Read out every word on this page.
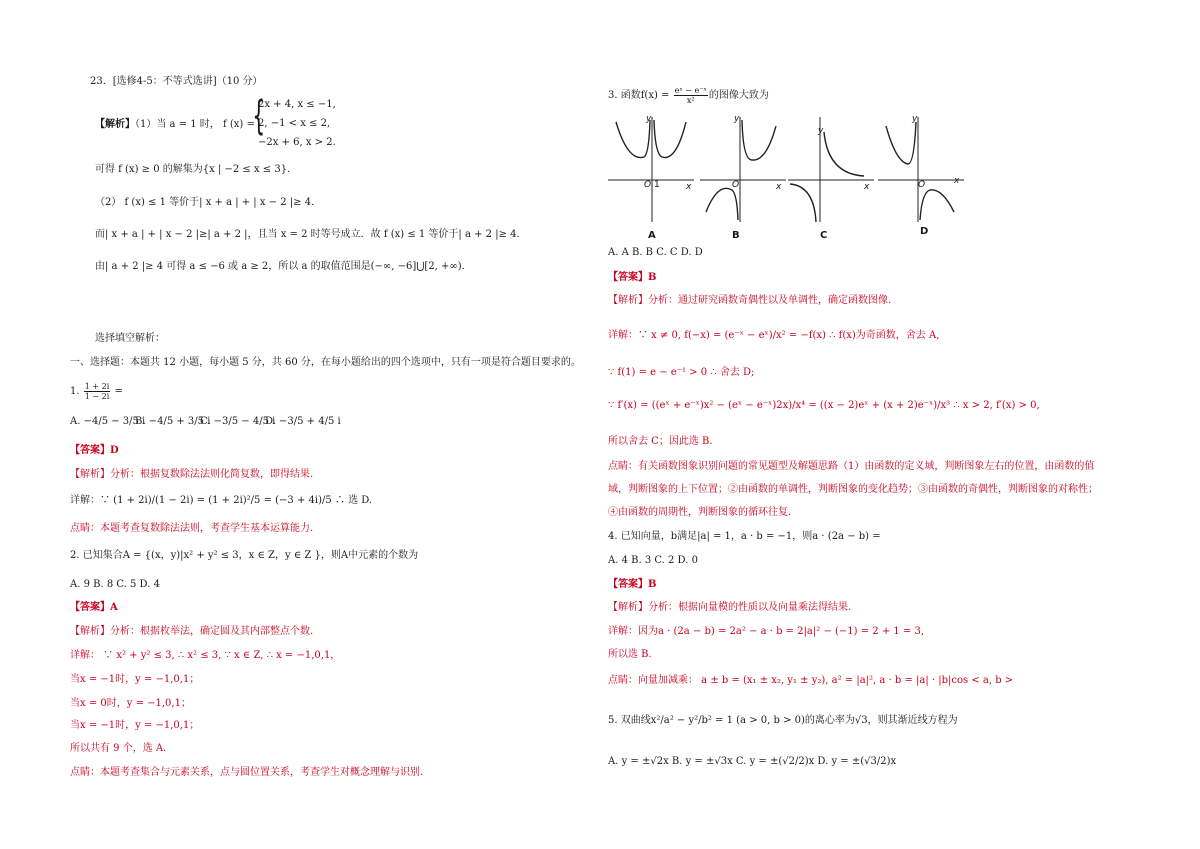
23．[选修4-5：不等式选讲]（10 分）
【解析】（1）当 a = 1 时， f (x) =
{
2x + 4, x ≤ −1,
2, −1 < x ≤ 2,
−2x + 6, x > 2.
可得 f (x) ≥ 0 的解集为{x | −2 ≤ x ≤ 3}．
（2） f (x) ≤ 1 等价于| x + a | + | x − 2 |≥ 4．
而| x + a | + | x − 2 |≥| a + 2 |，且当 x = 2 时等号成立．故 f (x) ≤ 1 等价于| a + 2 |≥ 4．
由| a + 2 |≥ 4 可得 a ≤ −6 或 a ≥ 2，所以 a 的取值范围是(−∞, −6]⋃[2, +∞)．
选择填空解析：
一、选择题：本题共 12 小题，每小题 5 分，共 60 分，在每小题给出的四个选项中，只有一项是符合题目要求的。
1. $\frac{1 + 2i}{1 - 2i}$ =
A. −4/5 − 3/5 i
B. −4/5 + 3/5 i
C. −3/5 − 4/5 i
D. −3/5 + 4/5 i
【答案】D
【解析】分析：根据复数除法法则化简复数，即得结果.
详解：∵ (1 + 2i)/(1 − 2i) = (1 + 2i)²/5 = (−3 + 4i)/5 ∴ 选 D.
点睛：本题考查复数除法法则，考查学生基本运算能力.
2. 已知集合A = {(x，y)|x² + y² ≤ 3，x ∈ Z，y ∈ Z }，则A中元素的个数为
A. 9 B. 8 C. 5 D. 4
【答案】A
【解析】分析：根据枚举法，确定圆及其内部整点个数.
详解： ∵ x² + y² ≤ 3, ∴ x² ≤ 3, ∵ x ∈ Z, ∴ x = −1,0,1，
当x = −1时，y = −1,0,1；
当x = 0时，y = −1,0,1；
当x = −1时，y = −1,0,1；
所以共有 9 个，选 A.
点睛：本题考查集合与元素关系，点与圆位置关系，考查学生对概念理解与识别.
3. 函数$f(x) = \frac{\text{eˣ − e⁻ˣ}}{\text{x²}}$ 的图像大致为
y
x
O 1
y
x
O
y
x
y
x
O
A	B	C	D
A. A B. B C. C D. D
【答案】B
【解析】分析：通过研究函数奇偶性以及单调性，确定函数图像.
详解：∵ x ≠ 0, f(−x) = (e⁻ˣ − eˣ)/x² = −f(x) ∴ f(x)为奇函数，舍去 A,
∵ f(1) = e − e⁻¹ > 0 ∴ 舍去 D;
∵ f′(x) = ((eˣ + e⁻ˣ)x² − (eˣ − e⁻ˣ)2x)/x⁴ = ((x − 2)eˣ + (x + 2)e⁻ˣ)/x³ ∴ x > 2, f′(x) > 0,
所以舍去 C；因此选 B.
点睛：有关函数图象识别问题的常见题型及解题思路（1）由函数的定义域，判断图象左右的位置，由函数的值
域，判断图象的上下位置；②由函数的单调性，判断图象的变化趋势；③由函数的奇偶性，判断图象的对称性；
④由函数的周期性，判断图象的循环往复.
4. 已知向量，b满足|a| = 1，a · b = −1，则a · (2a − b) =
A. 4 B. 3 C. 2 D. 0
【答案】B
【解析】分析：根据向量模的性质以及向量乘法得结果.
详解：因为a · (2a − b) = 2a² − a · b = 2|a|² − (−1) = 2 + 1 = 3,
所以选 B.
点睛：向量加减乘： a ± b = (x₁ ± x₂, y₁ ± y₂), a² = |a|², a · b = |a| · |b|cos < a, b >
5. 双曲线x²/a² − y²/b² = 1 (a > 0, b > 0)的离心率为√3，则其渐近线方程为
A. y = ±√2x B. y = ±√3x C. y = ±(√2/2)x D. y = ±(√3/2)x
